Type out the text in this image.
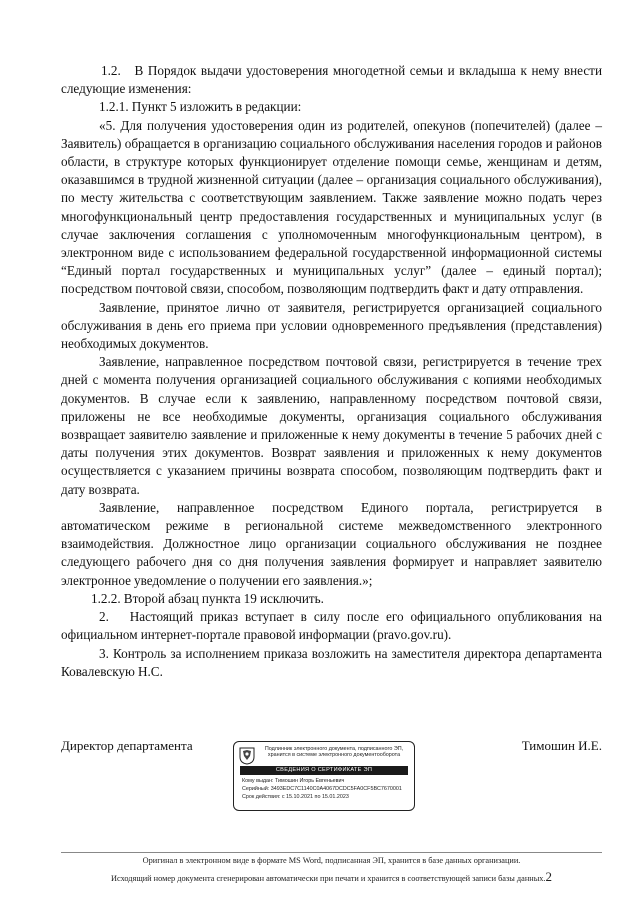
1.2.   В Порядок выдачи удостоверения многодетной семьи и вкладыша к нему внести следующие изменения:

1.2.1. Пункт 5 изложить в редакции:

«5. Для получения удостоверения один из родителей, опекунов (попечителей) (далее – Заявитель) обращается в организацию социального обслуживания населения городов и районов области, в структуре которых функционирует отделение помощи семье, женщинам и детям, оказавшимся в трудной жизненной ситуации (далее – организация социального обслуживания), по месту жительства с соответствующим заявлением. Также заявление можно подать через многофункциональный центр предоставления государственных и муниципальных услуг (в случае заключения соглашения с уполномоченным многофункциональным центром), в электронном виде с использованием федеральной государственной информационной системы “Единый портал государственных и муниципальных услуг” (далее – единый портал); посредством почтовой связи, способом, позволяющим подтвердить факт и дату отправления.

Заявление, принятое лично от заявителя, регистрируется организацией социального обслуживания в день его приема при условии одновременного предъявления (представления) необходимых документов.

Заявление, направленное посредством почтовой связи, регистрируется в течение трех дней с момента получения организацией социального обслуживания с копиями необходимых документов. В случае если к заявлению, направленному посредством почтовой связи, приложены не все необходимые документы, организация социального обслуживания возвращает заявителю заявление и приложенные к нему документы в течение 5 рабочих дней с даты получения этих документов. Возврат заявления и приложенных к нему документов осуществляется с указанием причины возврата способом, позволяющим подтвердить факт и дату возврата.

Заявление, направленное посредством Единого портала, регистрируется в автоматическом режиме в региональной системе межведомственного электронного взаимодействия. Должностное лицо организации социального обслуживания не позднее следующего рабочего дня со дня получения заявления формирует и направляет заявителю электронное уведомление о получении его заявления.»;

1.2.2. Второй абзац пункта 19 исключить.

2.   Настоящий приказ вступает в силу после его официального опубликования на официальном интернет-портале правовой информации (pravo.gov.ru).

3. Контроль за исполнением приказа возложить на заместителя директора департамента Ковалевскую Н.С.

Директор департамента	Тимошин И.Е.
Подлинник электронного документа, подписанного ЭП, хранится в системе электронного документооборота
СВЕДЕНИЯ О СЕРТИФИКАТЕ ЭП
Кому выдан: Тимошин Игорь Евгеньевич
Серийный: 3493EDC7C1140C0A4067DCDC5FA0CF5BC7670001
Срок действия: с 15.10.2021 по 15.01.2023
Оригинал в электронном виде в формате MS Word, подписанная ЭП, хранится в базе данных организации.
Исходящий номер документа сгенерирован автоматически при печати и хранится в соответствующей записи базы данных.2
